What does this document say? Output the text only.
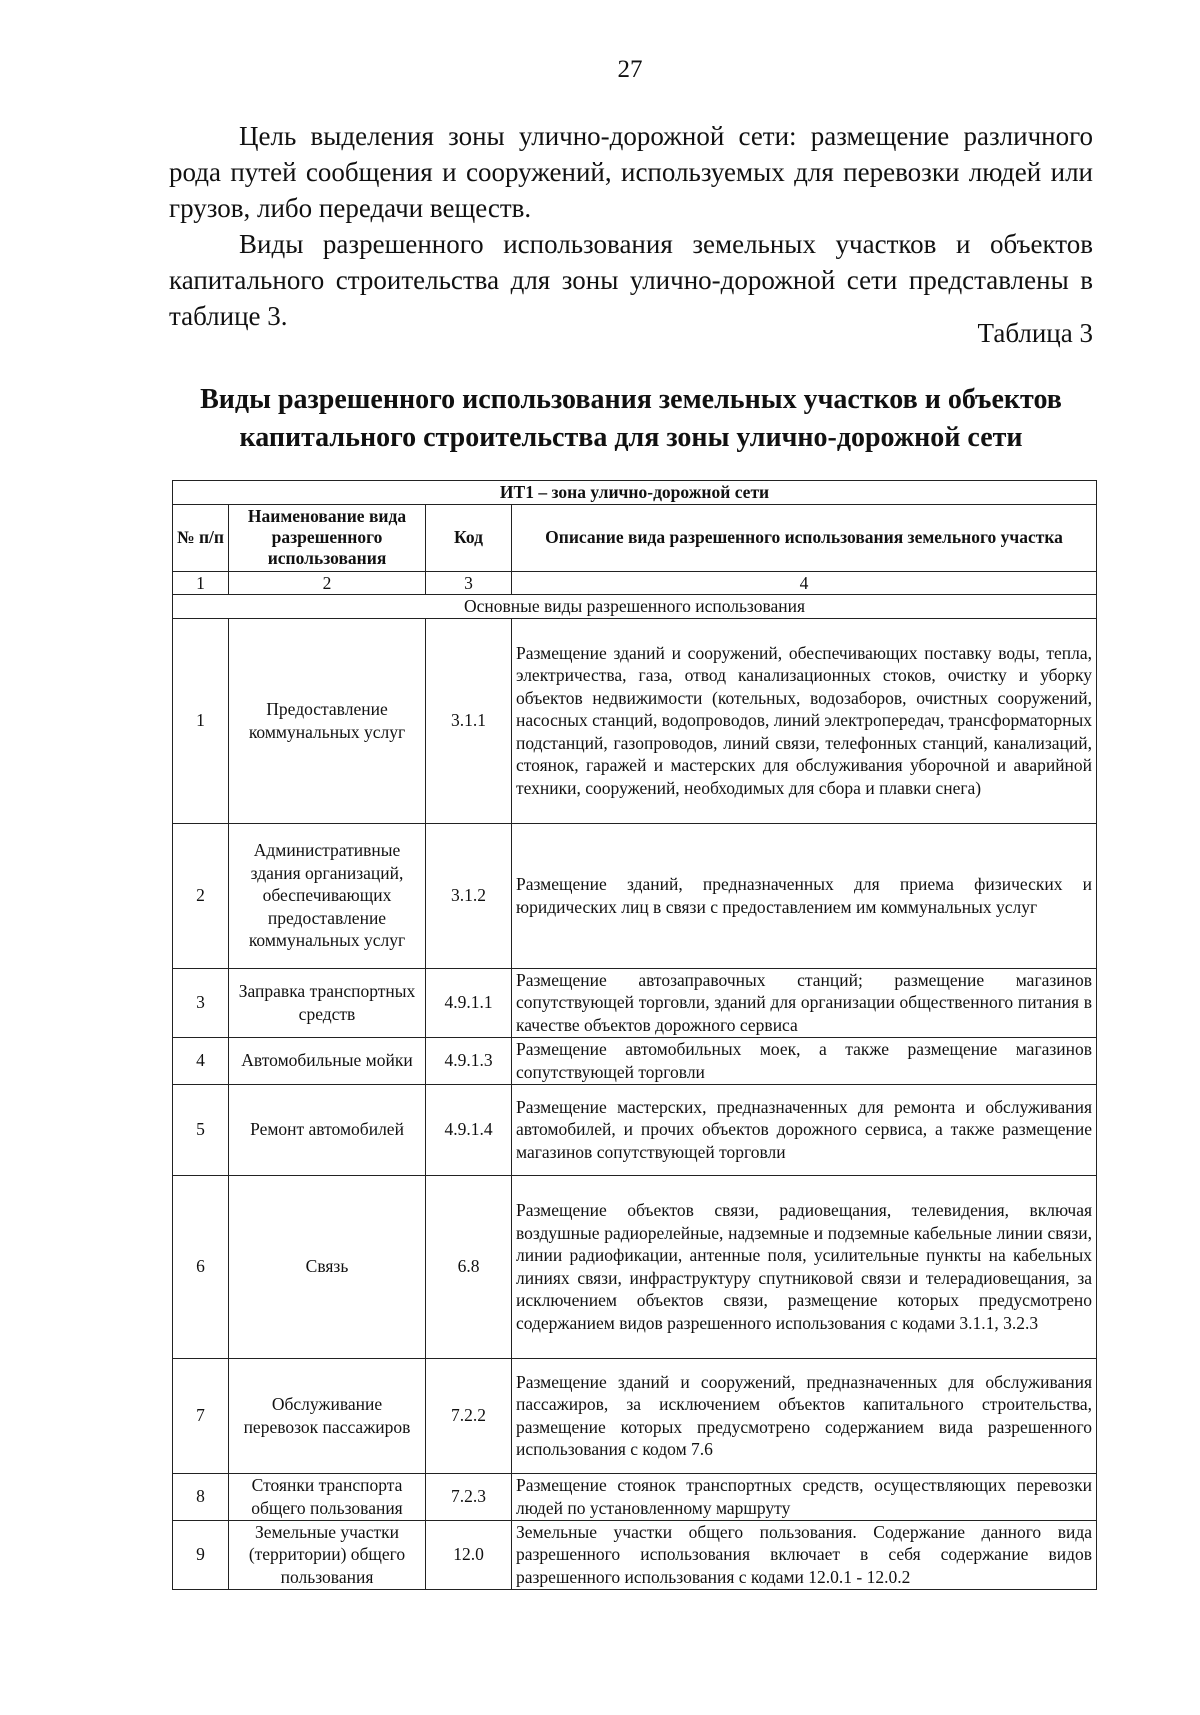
27

Цель выделения зоны улично-дорожной сети: размещение различного рода путей сообщения и сооружений, используемых для перевозки людей или грузов, либо передачи веществ.

Виды разрешенного использования земельных участков и объектов капитального строительства для зоны улично-дорожной сети представлены в таблице 3.

Таблица 3
Виды разрешенного использования земельных участков и объектов
капитального строительства для зоны улично-дорожной сети
ИТ1 – зона улично-дорожной сети			
№ п/п	Наименование вида разрешенного использования	Код	Описание вида разрешенного использования земельного участка
1	2	3	4
Основные виды разрешенного использования			
1	Предоставление коммунальных услуг	3.1.1	Размещение зданий и сооружений, обеспечивающих поставку воды, тепла, электричества, газа, отвод канализационных стоков, очистку и уборку объектов недвижимости (котельных, водозаборов, очистных сооружений, насосных станций, водопроводов, линий электропередач, трансформаторных подстанций, газопроводов, линий связи, телефонных станций, канализаций, стоянок, гаражей и мастерских для обслуживания уборочной и аварийной техники, сооружений, необходимых для сбора и плавки снега)
2	Административные здания организаций, обеспечивающих предоставление коммунальных услуг	3.1.2	Размещение зданий, предназначенных для приема физических и юридических лиц в связи с предоставлением им коммунальных услуг
3	Заправка транспортных средств	4.9.1.1	Размещение автозаправочных станций; размещение магазинов сопутствующей торговли, зданий для организации общественного питания в качестве объектов дорожного сервиса
4	Автомобильные мойки	4.9.1.3	Размещение автомобильных моек, а также размещение магазинов сопутствующей торговли
5	Ремонт автомобилей	4.9.1.4	Размещение мастерских, предназначенных для ремонта и обслуживания автомобилей, и прочих объектов дорожного сервиса, а также размещение магазинов сопутствующей торговли
6	Связь	6.8	Размещение объектов связи, радиовещания, телевидения, включая воздушные радиорелейные, надземные и подземные кабельные линии связи, линии радиофикации, антенные поля, усилительные пункты на кабельных линиях связи, инфраструктуру спутниковой связи и телерадиовещания, за исключением объектов связи, размещение которых предусмотрено содержанием видов разрешенного использования с кодами 3.1.1, 3.2.3
7	Обслуживание перевозок пассажиров	7.2.2	Размещение зданий и сооружений, предназначенных для обслуживания пассажиров, за исключением объектов капитального строительства, размещение которых предусмотрено содержанием вида разрешенного использования с кодом 7.6
8	Стоянки транспорта общего пользования	7.2.3	Размещение стоянок транспортных средств, осуществляющих перевозки людей по установленному маршруту
9	Земельные участки (территории) общего пользования	12.0	Земельные участки общего пользования. Содержание данного вида разрешенного использования включает в себя содержание видов разрешенного использования с кодами 12.0.1 - 12.0.2
